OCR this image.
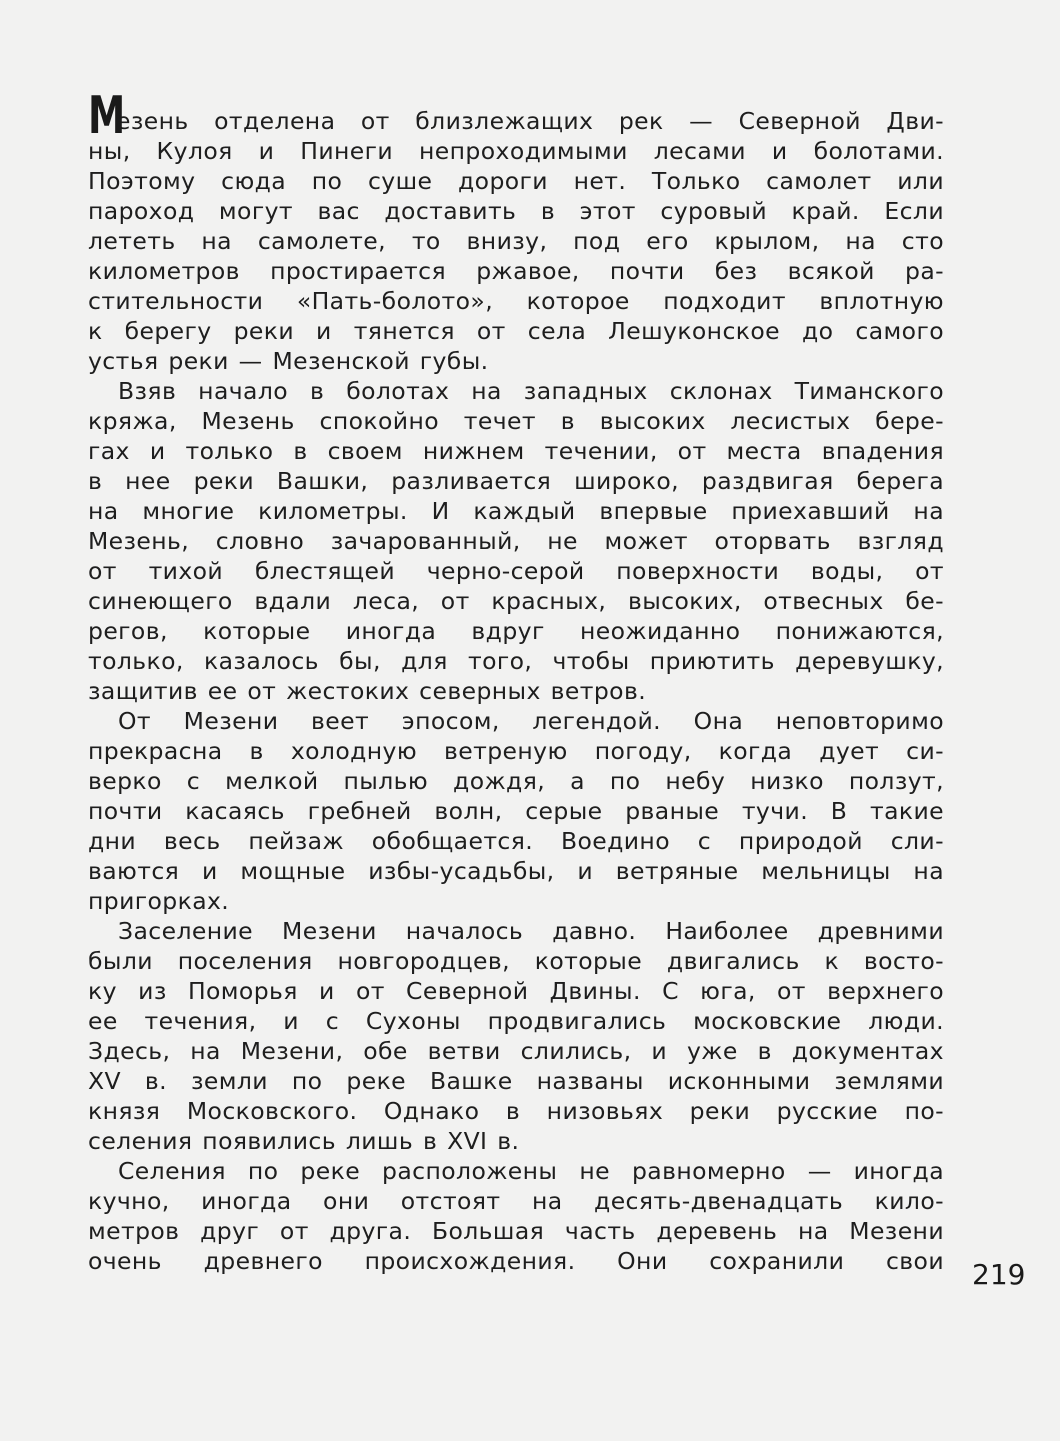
М
езень отделена от близлежащих рек — Северной Дви-
ны, Кулоя и Пинеги непроходимыми лесами и болотами.
Поэтому сюда по суше дороги нет. Только самолет или
пароход могут вас доставить в этот суровый край. Если
лететь на самолете, то внизу, под его крылом, на сто
километров простирается ржавое, почти без всякой ра-
стительности «Пать-болото», которое подходит вплотную
к берегу реки и тянется от села Лешуконское до самого
устья реки — Мезенской губы.
Взяв начало в болотах на западных склонах Тиманского
кряжа, Мезень спокойно течет в высоких лесистых бере-
гах и только в своем нижнем течении, от места впадения
в нее реки Вашки, разливается широко, раздвигая берега
на многие километры. И каждый впервые приехавший на
Мезень, словно зачарованный, не может оторвать взгляд
от тихой блестящей черно-серой поверхности воды, от
синеющего вдали леса, от красных, высоких, отвесных бе-
регов, которые иногда вдруг неожиданно понижаются,
только, казалось бы, для того, чтобы приютить деревушку,
защитив ее от жестоких северных ветров.
От Мезени веет эпосом, легендой. Она неповторимо
прекрасна в холодную ветреную погоду, когда дует си-
верко с мелкой пылью дождя, а по небу низко ползут,
почти касаясь гребней волн, серые рваные тучи. В такие
дни весь пейзаж обобщается. Воедино с природой сли-
ваются и мощные избы-усадьбы, и ветряные мельницы на
пригорках.
Заселение Мезени началось давно. Наиболее древними
были поселения новгородцев, которые двигались к восто-
ку из Поморья и от Северной Двины. С юга, от верхнего
ее течения, и с Сухоны продвигались московские люди.
Здесь, на Мезени, обе ветви слились, и уже в документах
XV в. земли по реке Вашке названы исконными землями
князя Московского. Однако в низовьях реки русские по-
селения появились лишь в XVI в.
Селения по реке расположены не равномерно — иногда
кучно, иногда они отстоят на десять-двенадцать кило-
метров друг от друга. Большая часть деревень на Мезени
очень древнего происхождения. Они сохранили свои 219
